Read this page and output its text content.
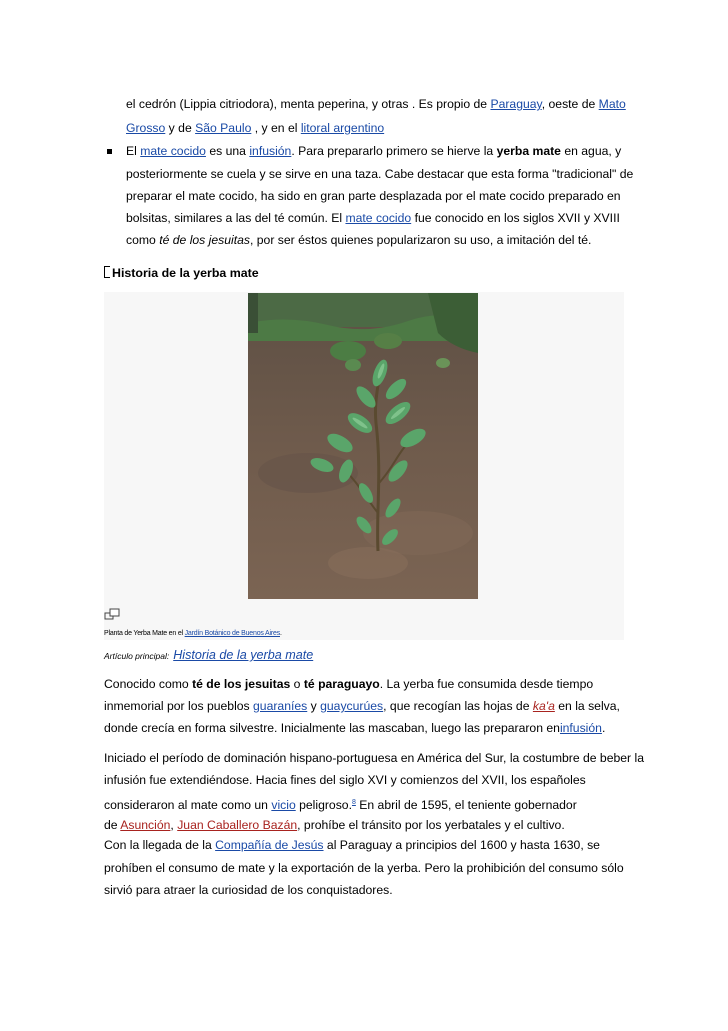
el cedrón (Lippia citriodora), menta peperina, y otras . Es propio de Paraguay, oeste de Mato
Grosso y de São Paulo , y en el litoral argentino
El mate cocido es una infusión. Para prepararlo primero se hierve la yerba mate en agua, y
posteriormente se cuela y se sirve en una taza. Cabe destacar que esta forma "tradicional" de
preparar el mate cocido, ha sido en gran parte desplazada por el mate cocido preparado en
bolsitas, similares a las del té común. El mate cocido fue conocido en los siglos XVII y XVIII
como té de los jesuitas, por ser éstos quienes popularizaron su uso, a imitación del té.
Historia de la yerba mate
Planta de Yerba Mate en el Jardín Botánico de Buenos Aires.
Artículo principal: Historia de la yerba mate
Conocido como té de los jesuitas o té paraguayo. La yerba fue consumida desde tiempo
inmemorial por los pueblos guaraníes y guaycurúes, que recogían las hojas de ka'a en la selva,
donde crecía en forma silvestre. Inicialmente las mascaban, luego las prepararon eninfusión.
Iniciado el período de dominación hispano-portuguesa en América del Sur, la costumbre de beber la
infusión fue extendiéndose. Hacia fines del siglo XVI y comienzos del XVII, los españoles
consideraron al mate como un vicio peligroso.$^8$ En abril de 1595, el teniente gobernador
de Asunción, Juan Caballero Bazán, prohíbe el tránsito por los yerbatales y el cultivo.
Con la llegada de la Compañía de Jesús al Paraguay a principios del 1600 y hasta 1630, se
prohíben el consumo de mate y la exportación de la yerba. Pero la prohibición del consumo sólo
sirvió para atraer la curiosidad de los conquistadores.
